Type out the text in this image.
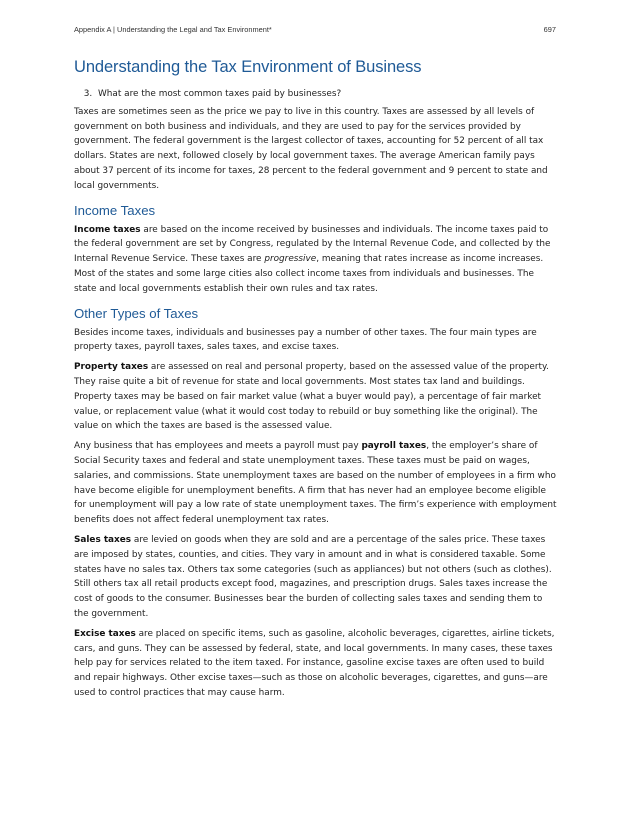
Appendix A | Understanding the Legal and Tax Environment*	697
Understanding the Tax Environment of Business
3. What are the most common taxes paid by businesses?

Taxes are sometimes seen as the price we pay to live in this country. Taxes are assessed by all levels of government on both business and individuals, and they are used to pay for the services provided by government. The federal government is the largest collector of taxes, accounting for 52 percent of all tax dollars. States are next, followed closely by local government taxes. The average American family pays about 37 percent of its income for taxes, 28 percent to the federal government and 9 percent to state and local governments.

Income Taxes

Income taxes are based on the income received by businesses and individuals. The income taxes paid to the federal government are set by Congress, regulated by the Internal Revenue Code, and collected by the Internal Revenue Service. These taxes are progressive, meaning that rates increase as income increases. Most of the states and some large cities also collect income taxes from individuals and businesses. The state and local governments establish their own rules and tax rates.

Other Types of Taxes

Besides income taxes, individuals and businesses pay a number of other taxes. The four main types are property taxes, payroll taxes, sales taxes, and excise taxes.

Property taxes are assessed on real and personal property, based on the assessed value of the property. They raise quite a bit of revenue for state and local governments. Most states tax land and buildings. Property taxes may be based on fair market value (what a buyer would pay), a percentage of fair market value, or replacement value (what it would cost today to rebuild or buy something like the original). The value on which the taxes are based is the assessed value.

Any business that has employees and meets a payroll must pay payroll taxes, the employer’s share of Social Security taxes and federal and state unemployment taxes. These taxes must be paid on wages, salaries, and commissions. State unemployment taxes are based on the number of employees in a firm who have become eligible for unemployment benefits. A firm that has never had an employee become eligible for unemployment will pay a low rate of state unemployment taxes. The firm’s experience with employment benefits does not affect federal unemployment tax rates.

Sales taxes are levied on goods when they are sold and are a percentage of the sales price. These taxes are imposed by states, counties, and cities. They vary in amount and in what is considered taxable. Some states have no sales tax. Others tax some categories (such as appliances) but not others (such as clothes). Still others tax all retail products except food, magazines, and prescription drugs. Sales taxes increase the cost of goods to the consumer. Businesses bear the burden of collecting sales taxes and sending them to the government.

Excise taxes are placed on specific items, such as gasoline, alcoholic beverages, cigarettes, airline tickets, cars, and guns. They can be assessed by federal, state, and local governments. In many cases, these taxes help pay for services related to the item taxed. For instance, gasoline excise taxes are often used to build and repair highways. Other excise taxes—such as those on alcoholic beverages, cigarettes, and guns—are used to control practices that may cause harm.
